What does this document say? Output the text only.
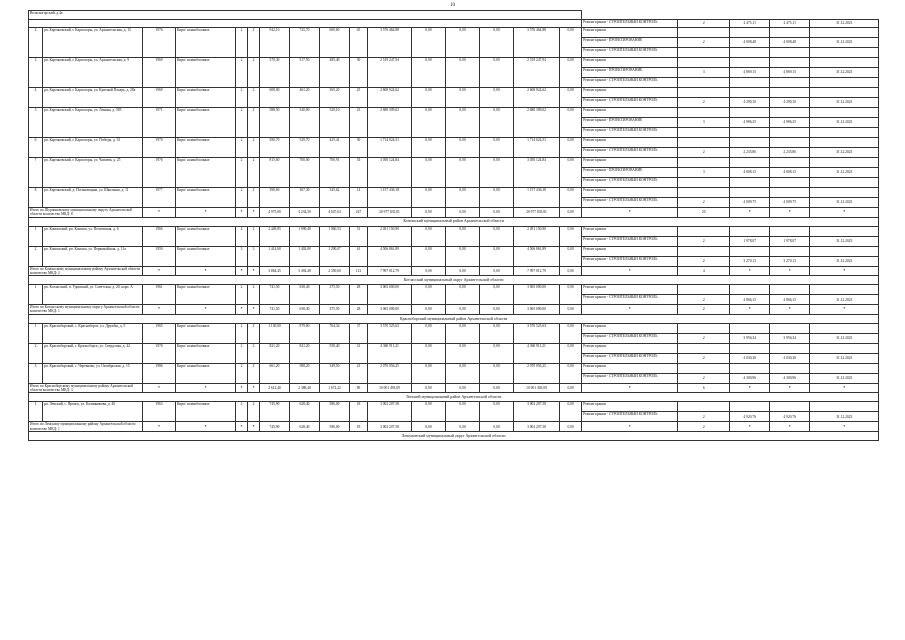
10
Вельскогорский, д.4а																				
																Ремонт крыши - СТРОИТЕЛЬНЫЙ КОНТРОЛЬ	2	2 475,11	2 475,11	31.12.2023
2	рп. Картаковский, г. Карпогоры, ул. Архангельская, д. 15	1976	Кирп/ шлакоблочные	2	2	942,10	725,70	600,60	45	3 576 464,88	0,00	0,00	0,00	3 576 464,88	0,00	Ремонт крыши				
																Ремонт крыши - ПРОЕКТИРОВАНИЕ	2	4 008,48	4 008,48	31.12.2023
																Ремонт крыши - СТРОИТЕЛЬНЫЙ КОНТРОЛЬ				
3	рп. Картаковский, г. Карпогоры, ул. Архангельская, д. 9	1969	Кирп/ шлакоблочные	2	2	570,30	517,50	485,40	30	2 519 247,94	0,00	0,00	0,00	2 519 247,94	0,00	Ремонт крыши				
																Ремонт крыши - ПРОЕКТИРОВАНИЕ	3	4 869,15	4 869,15	31.12.2023
																Ремонт крыши - СТРОИТЕЛЬНЫЙ КОНТРОЛЬ				
4	рп. Картаковский, г. Карпогоры, ул. Красный Пахарь, д. 28а	1969	Кирп/ шлакоблочные	2	2	608,00	461,20	365,20	25	2 608 924,62	0,00	0,00	0,00	2 608 924,62	0,00	Ремонт крыши				
																Ремонт крыши - СТРОИТЕЛЬНЫЙ КОНТРОЛЬ	2	4 290,10	4 290,10	31.12.2023
5	рп. Картаковский, г. Карпогоры, ул. Ленина, д. 585	1971	Кирп/ шлакоблочные	2	2	588,50	540,00	520,10	23	2 680 309,02	0,00	0,00	0,00	2 680 309,02	0,00	Ремонт крыши				
																Ремонт крыши - ПРОЕКТИРОВАНИЕ	3	4 986,35	4 986,35	31.12.2023
																Ремонт крыши - СТРОИТЕЛЬНЫЙ КОНТРОЛЬ				
6	рп. Картаковский, г. Карпогоры, ул. Победы, д. 33	1970	Кирп/ шлакоблочные	2	2	590,70	529,70	425,41	30	1 714 024,51	0,00	0,00	0,00	1 714 024,51	0,00	Ремонт крыши				
																Ремонт крыши - СТРОИТЕЛЬНЫЙ КОНТРОЛЬ	2	2 235,86	2 235,86	31.12.2023
7	рп. Картаковский, г. Карпогоры, ул. Чапаева, д. 25	1976	Кирп/ шлакоблочные	2	2	815,60	700,00	700,91	33	3 050 124,84	0,00	0,00	0,00	3 050 124,84	0,00	Ремонт крыши				
																Ремонт крыши - ПРОЕКТИРОВАНИЕ	3	4 608,15	4 608,15	31.12.2023
																Ремонт крыши - СТРОИТЕЛЬНЫЙ КОНТРОЛЬ				
8	рп. Картаковский, д. Погановщина, ул. Школьная, д. 11	1977	Кирп/ шлакоблочные	2	2	390,60	367,30	345,62	14	1 157 436,18	0,00	0,00	0,00	1 157 436,18	0,00	Ремонт крыши				
																Ремонт крыши - СТРОИТЕЛЬНЫЙ КОНТРОЛЬ	2	4 009,75	4 009,75	31.12.2023
Итого по Шурчиковскому муниципальному округу Архангельской области количество МКД: 8		*	*	*	*	4 975,80	4 234,50	4 047,63	247	20 977 835,81	0,00	0,00	0,00	20 977 835,81	0,00	*	20	*	*	*
Коношский муниципальный район Архангельской области																				
1	рп. Коношский, рп. Коноша, ул. Почтовская, д. 6	1966	Кирп/ шлакоблочные	4	2	2 449,85	1 990,40	1 060,53	51	2 491 150,90	0,00	0,00	0,00	2 491 150,90	0,00	Ремонт крыши				
																Ремонт крыши - СТРОИТЕЛЬНЫЙ КОНТРОЛЬ	2	1 978,07	1 978,07	31.12.2023
2	рп. Коношский, рп. Коноша, ул. Первомайская, д. 11а	1959	Кирп/ шлакоблочные	3	3	1 414,60	1 402,00	1 290,07	61	4 506 861,89	0,00	0,00	0,00	4 506 861,89	0,00	Ремонт крыши				
																Ремонт крыши - СТРОИТЕЛЬНЫЙ КОНТРОЛЬ	2	3 270,13	3 270,13	31.12.2023
Итого по Коношскому муниципальному району Архангельской области количество МКД: 2		*	*	*	*	3 864,45	3 492,40	2 350,60	112	7 997 012,79	0,00	0,00	0,00	7 997 012,79	0,00	*	4	*	*	*
Котласский муниципальный округ Архангельской области																				
1	рп. Котласский, п. Удимский, ул. Советская, д. 20, корп. А	1961	Кирп/ шлакоблочные	2	2	741,50	638,40	375,50	28	3 065 000,00	0,00	0,00	0,00	3 065 000,00	0,00	Ремонт крыши				
																Ремонт крыши - СТРОИТЕЛЬНЫЙ КОНТРОЛЬ	2	4 866,15	4 866,15	31.12.2023
Итого по Котласскому муниципальному округу Архангельской области количество МКД: 1		*	*	*	*	741,50	638,40	375,50	28	3 065 000,00	0,00	0,00	0,00	3 065 000,00	0,00	*	2	*	*	*
Красноборский муниципальный район Архангельской области																				
1	рп. Красноборский, с. Красноборск, ул. Дружбы, д. 5	1965	Кирп/ шлакоблочные	2	2	1 130,00	979,00	764,32	37	3 570 525,63	0,00	0,00	0,00	3 570 525,63	0,00	Ремонт крыши				
																Ремонт крыши - СТРОИТЕЛЬНЫЙ КОНТРОЛЬ	2	3 956,34	3 956,34	31.12.2023
2	рп. Красноборский, г. Красноборск, ул. Свердлова, д. 42	1970	Кирп/ шлакоблочные	2	2	821,20	821,20	558,40	31	4 360 911,21	0,00	0,00	0,00	4 360 911,21	0,00	Ремонт крыши				
																Ремонт крыши - СТРОИТЕЛЬНЫЙ КОНТРОЛЬ	2	4 030,36	4 030,36	31.12.2023
3	рп. Красноборский, с. Черевково, ул. Октябрьская, д. 15	1986	Кирп/ шлакоблочные	2	2	661,20	588,20	349,50	21	2 070 056,25	0,00	0,00	0,00	2 070 056,25	0,00	Ремонт крыши				
																Ремонт крыши - СТРОИТЕЛЬНЫЙ КОНТРОЛЬ	2	4 300,96	4 300,96	31.12.2023
Итого по Красноборскому муниципальному району Архангельской области количество МКД: 3		*	*	*	*	2 612,40	2 388,40	1 672,22	89	10 001 493,09	0,00	0,00	0,00	10 001 493,09	0,00	*	6	*	*	*
Ленский муниципальный район Архангельской области																				
1	рп. Ленский, с. Яренск, ул. Калинникова, д. 40	1963	Кирп/ шлакоблочные	2	2	745,90	628,40	586,00	18	3 002 207,58	0,00	0,00	0,00	3 002 207,58	0,00	Ремонт крыши				
																Ремонт крыши - СТРОИТЕЛЬНЫЙ КОНТРОЛЬ	2	4 920,76	4 920,76	31.12.2023
Итого по Ленскому муниципальному району Архангельской области количество МКД: 1		*	*	*	*	745,90	628,40	586,00	18	3 002 207,58	0,00	0,00	0,00	3 002 207,58	0,00	*	2	*	*	*
Лешуконский муниципальный округ Архангельской области																				
